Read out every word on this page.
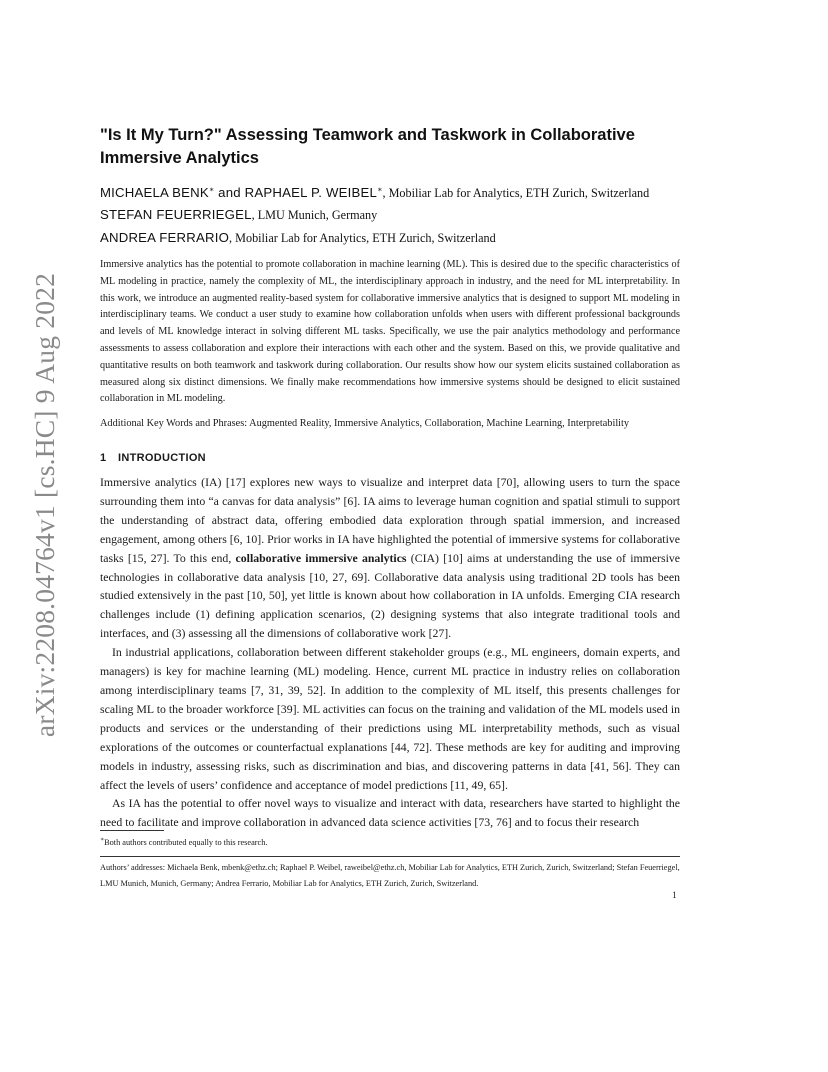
arXiv:2208.04764v1 [cs.HC] 9 Aug 2022
"Is It My Turn?" Assessing Teamwork and Taskwork in Collaborative Immersive Analytics
MICHAELA BENK∗ and RAPHAEL P. WEIBEL∗, Mobiliar Lab for Analytics, ETH Zurich, Switzerland
STEFAN FEUERRIEGEL, LMU Munich, Germany
ANDREA FERRARIO, Mobiliar Lab for Analytics, ETH Zurich, Switzerland
Immersive analytics has the potential to promote collaboration in machine learning (ML). This is desired due to the specific characteristics of ML modeling in practice, namely the complexity of ML, the interdisciplinary approach in industry, and the need for ML interpretability. In this work, we introduce an augmented reality-based system for collaborative immersive analytics that is designed to support ML modeling in interdisciplinary teams. We conduct a user study to examine how collaboration unfolds when users with different professional backgrounds and levels of ML knowledge interact in solving different ML tasks. Specifically, we use the pair analytics methodology and performance assessments to assess collaboration and explore their interactions with each other and the system. Based on this, we provide qualitative and quantitative results on both teamwork and taskwork during collaboration. Our results show how our system elicits sustained collaboration as measured along six distinct dimensions. We finally make recommendations how immersive systems should be designed to elicit sustained collaboration in ML modeling.
Additional Key Words and Phrases: Augmented Reality, Immersive Analytics, Collaboration, Machine Learning, Interpretability
1 INTRODUCTION

Immersive analytics (IA) [17] explores new ways to visualize and interpret data [70], allowing users to turn the space surrounding them into “a canvas for data analysis” [6]. IA aims to leverage human cognition and spatial stimuli to support the understanding of abstract data, offering embodied data exploration through spatial immersion, and increased engagement, among others [6, 10]. Prior works in IA have highlighted the potential of immersive systems for collaborative tasks [15, 27]. To this end, collaborative immersive analytics (CIA) [10] aims at understanding the use of immersive technologies in collaborative data analysis [10, 27, 69]. Collaborative data analysis using traditional 2D tools has been studied extensively in the past [10, 50], yet little is known about how collaboration in IA unfolds. Emerging CIA research challenges include (1) defining application scenarios, (2) designing systems that also integrate traditional tools and interfaces, and (3) assessing all the dimensions of collaborative work [27].

In industrial applications, collaboration between different stakeholder groups (e.g., ML engineers, domain experts, and managers) is key for machine learning (ML) modeling. Hence, current ML practice in industry relies on collaboration among interdisciplinary teams [7, 31, 39, 52]. In addition to the complexity of ML itself, this presents challenges for scaling ML to the broader workforce [39]. ML activities can focus on the training and validation of the ML models used in products and services or the understanding of their predictions using ML interpretability methods, such as visual explorations of the outcomes or counterfactual explanations [44, 72]. These methods are key for auditing and improving models in industry, assessing risks, such as discrimination and bias, and discovering patterns in data [41, 56]. They can affect the levels of users’ confidence and acceptance of model predictions [11, 49, 65].

As IA has the potential to offer novel ways to visualize and interact with data, researchers have started to highlight the need to facilitate and improve collaboration in advanced data science activities [73, 76] and to focus their research

∗Both authors contributed equally to this research.
Authors’ addresses: Michaela Benk, mbenk@ethz.ch; Raphael P. Weibel, raweibel@ethz.ch, Mobiliar Lab for Analytics, ETH Zurich, Zurich, Switzerland; Stefan Feuerriegel, LMU Munich, Munich, Germany; Andrea Ferrario, Mobiliar Lab for Analytics, ETH Zurich, Zurich, Switzerland.
1
